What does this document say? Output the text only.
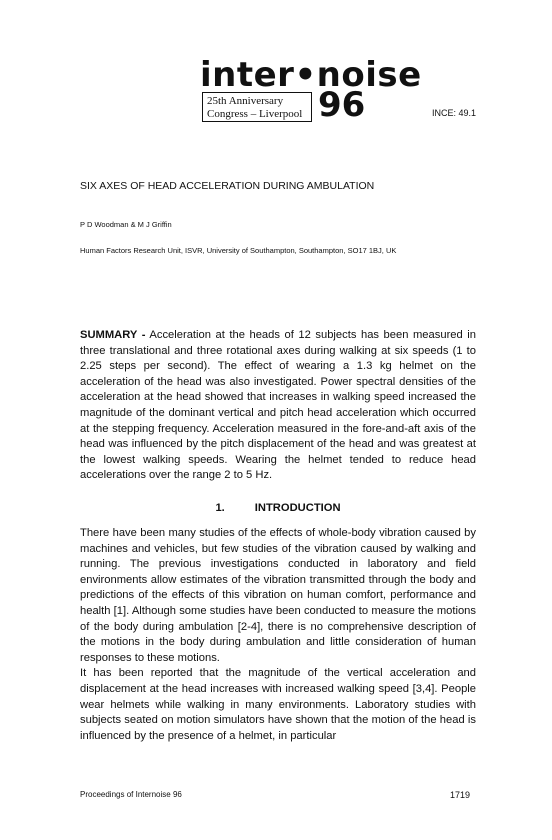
inter•noise
25th Anniversary
Congress – Liverpool 96	INCE: 49.1
SIX AXES OF HEAD ACCELERATION DURING AMBULATION
P D Woodman & M J Griffin
Human Factors Research Unit, ISVR, University of Southampton, Southampton, SO17 1BJ, UK
SUMMARY - Acceleration at the heads of 12 subjects has been measured in three translational and three rotational axes during walking at six speeds (1 to 2.25 steps per second). The effect of wearing a 1.3 kg helmet on the acceleration of the head was also investigated. Power spectral densities of the acceleration at the head showed that increases in walking speed increased the magnitude of the dominant vertical and pitch head acceleration which occurred at the stepping frequency. Acceleration measured in the fore-and-aft axis of the head was influenced by the pitch displacement of the head and was greatest at the lowest walking speeds. Wearing the helmet tended to reduce head accelerations over the range 2 to 5 Hz.
1.	INTRODUCTION

There have been many studies of the effects of whole-body vibration caused by machines and vehicles, but few studies of the vibration caused by walking and running. The previous investigations conducted in laboratory and field environments allow estimates of the vibration transmitted through the body and predictions of the effects of this vibration on human comfort, performance and health [1]. Although some studies have been conducted to measure the motions of the body during ambulation [2-4], there is no comprehensive description of the motions in the body during ambulation and little consideration of human responses to these motions.

It has been reported that the magnitude of the vertical acceleration and displacement at the head increases with increased walking speed [3,4]. People wear helmets while walking in many environments. Laboratory studies with subjects seated on motion simulators have shown that the motion of the head is influenced by the presence of a helmet, in particular

Proceedings of Internoise 96	1719
